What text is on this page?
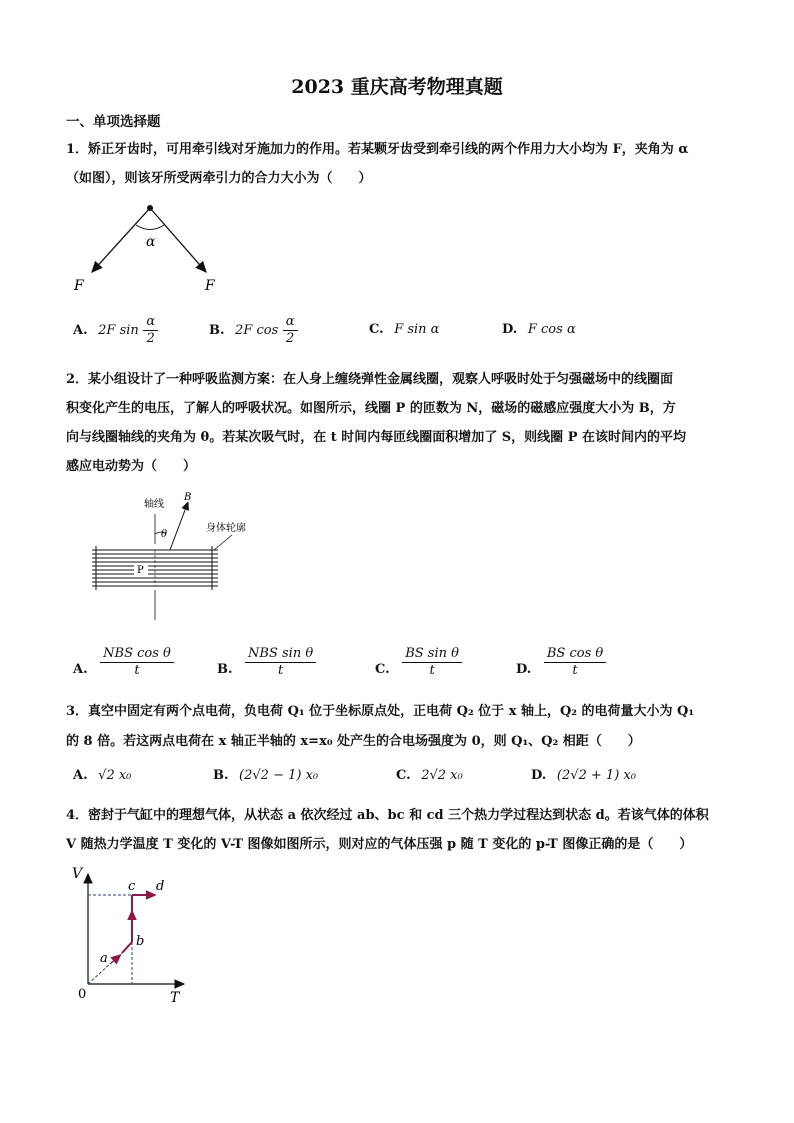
2023 重庆高考物理真题
一、单项选择题
1．矫正牙齿时，可用牵引线对牙施加力的作用。若某颗牙齿受到牵引线的两个作用力大小均为 F，夹角为 α
（如图），则该牙所受两牵引力的合力大小为（　　）
α
F	F
A. 2F $\sin \frac{\alpha}{2}$	B. 2F $\cos \frac{\alpha}{2}$	C. F sin α	D. F cos α
2．某小组设计了一种呼吸监测方案：在人身上缠绕弹性金属线圈，观察人呼吸时处于匀强磁场中的线圈面
积变化产生的电压，了解人的呼吸状况。如图所示，线圈 P 的匝数为 N，磁场的磁感应强度大小为 B，方
向与线圈轴线的夹角为 θ。若某次吸气时，在 t 时间内每匝线圈面积增加了 S，则线圈 P 在该时间内的平均
感应电动势为（　　）
轴线
B
θ
身体轮廓
P
A. $\frac{\text{NBS cos θ}}{t}$	B. $\frac{\text{NBS sin θ}}{t}$	C. $\frac{\text{BS sin θ}}{t}$	D. $\frac{\text{BS cos θ}}{t}$
3．真空中固定有两个点电荷，负电荷 Q₁ 位于坐标原点处，正电荷 Q₂ 位于 x 轴上，Q₂ 的电荷量大小为 Q₁
的 8 倍。若这两点电荷在 x 轴正半轴的 x=x₀ 处产生的合电场强度为 0，则 Q₁、Q₂ 相距（　　）
A. √2 x₀	B. (2√2 − 1) x₀	C. 2√2 x₀	D. (2√2 + 1) x₀
4．密封于气缸中的理想气体，从状态 a 依次经过 ab、bc 和 cd 三个热力学过程达到状态 d。若该气体的体积
V 随热力学温度 T 变化的 V-T 图像如图所示，则对应的气体压强 p 随 T 变化的 p-T 图像正确的是（　　）
V
T
0
a
b
c d
